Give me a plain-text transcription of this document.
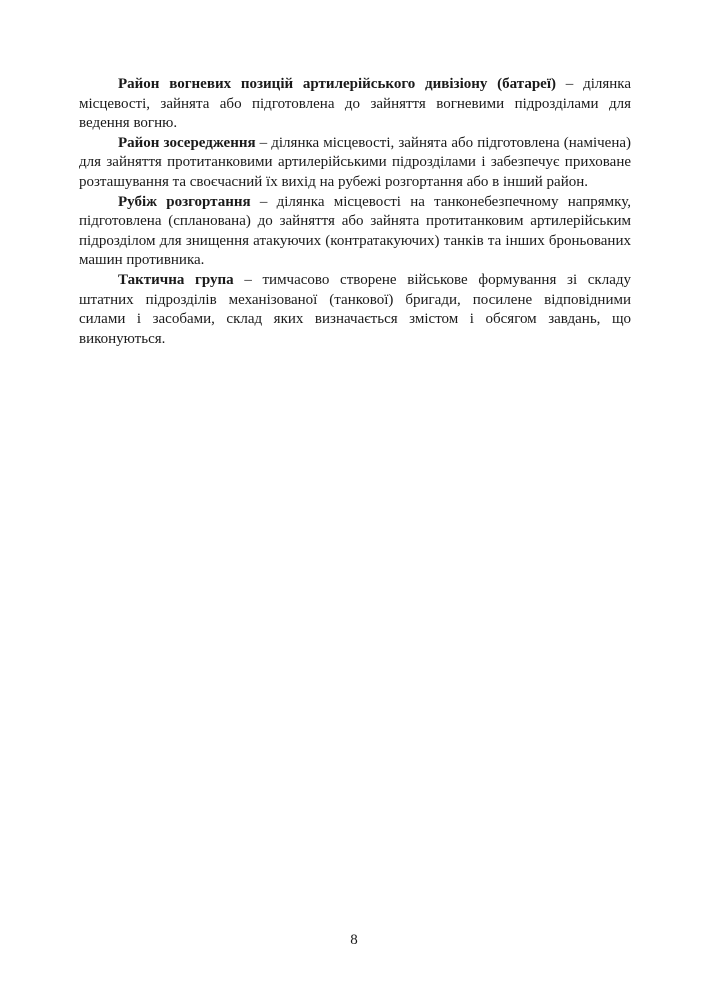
Район вогневих позицій артилерійського дивізіону (батареї) – ділянка місцевості, зайнята або підготовлена до зайняття вогневими підрозділами для ведення вогню.

Район зосередження – ділянка місцевості, зайнята або підготовлена (намічена) для зайняття протитанковими артилерійськими підрозділами і забезпечує приховане розташування та своєчасний їх вихід на рубежі розгортання або в інший район.

Рубіж розгортання – ділянка місцевості на танконебезпечному напрямку, підготовлена (спланована) до зайняття або зайнята протитанковим артилерійським підрозділом для знищення атакуючих (контратакуючих) танків та інших броньованих машин противника.

Тактична група – тимчасово створене військове формування зі складу штатних підрозділів механізованої (танкової) бригади, посилене відповідними силами і засобами, склад яких визначається змістом і обсягом завдань, що виконуються.

8
